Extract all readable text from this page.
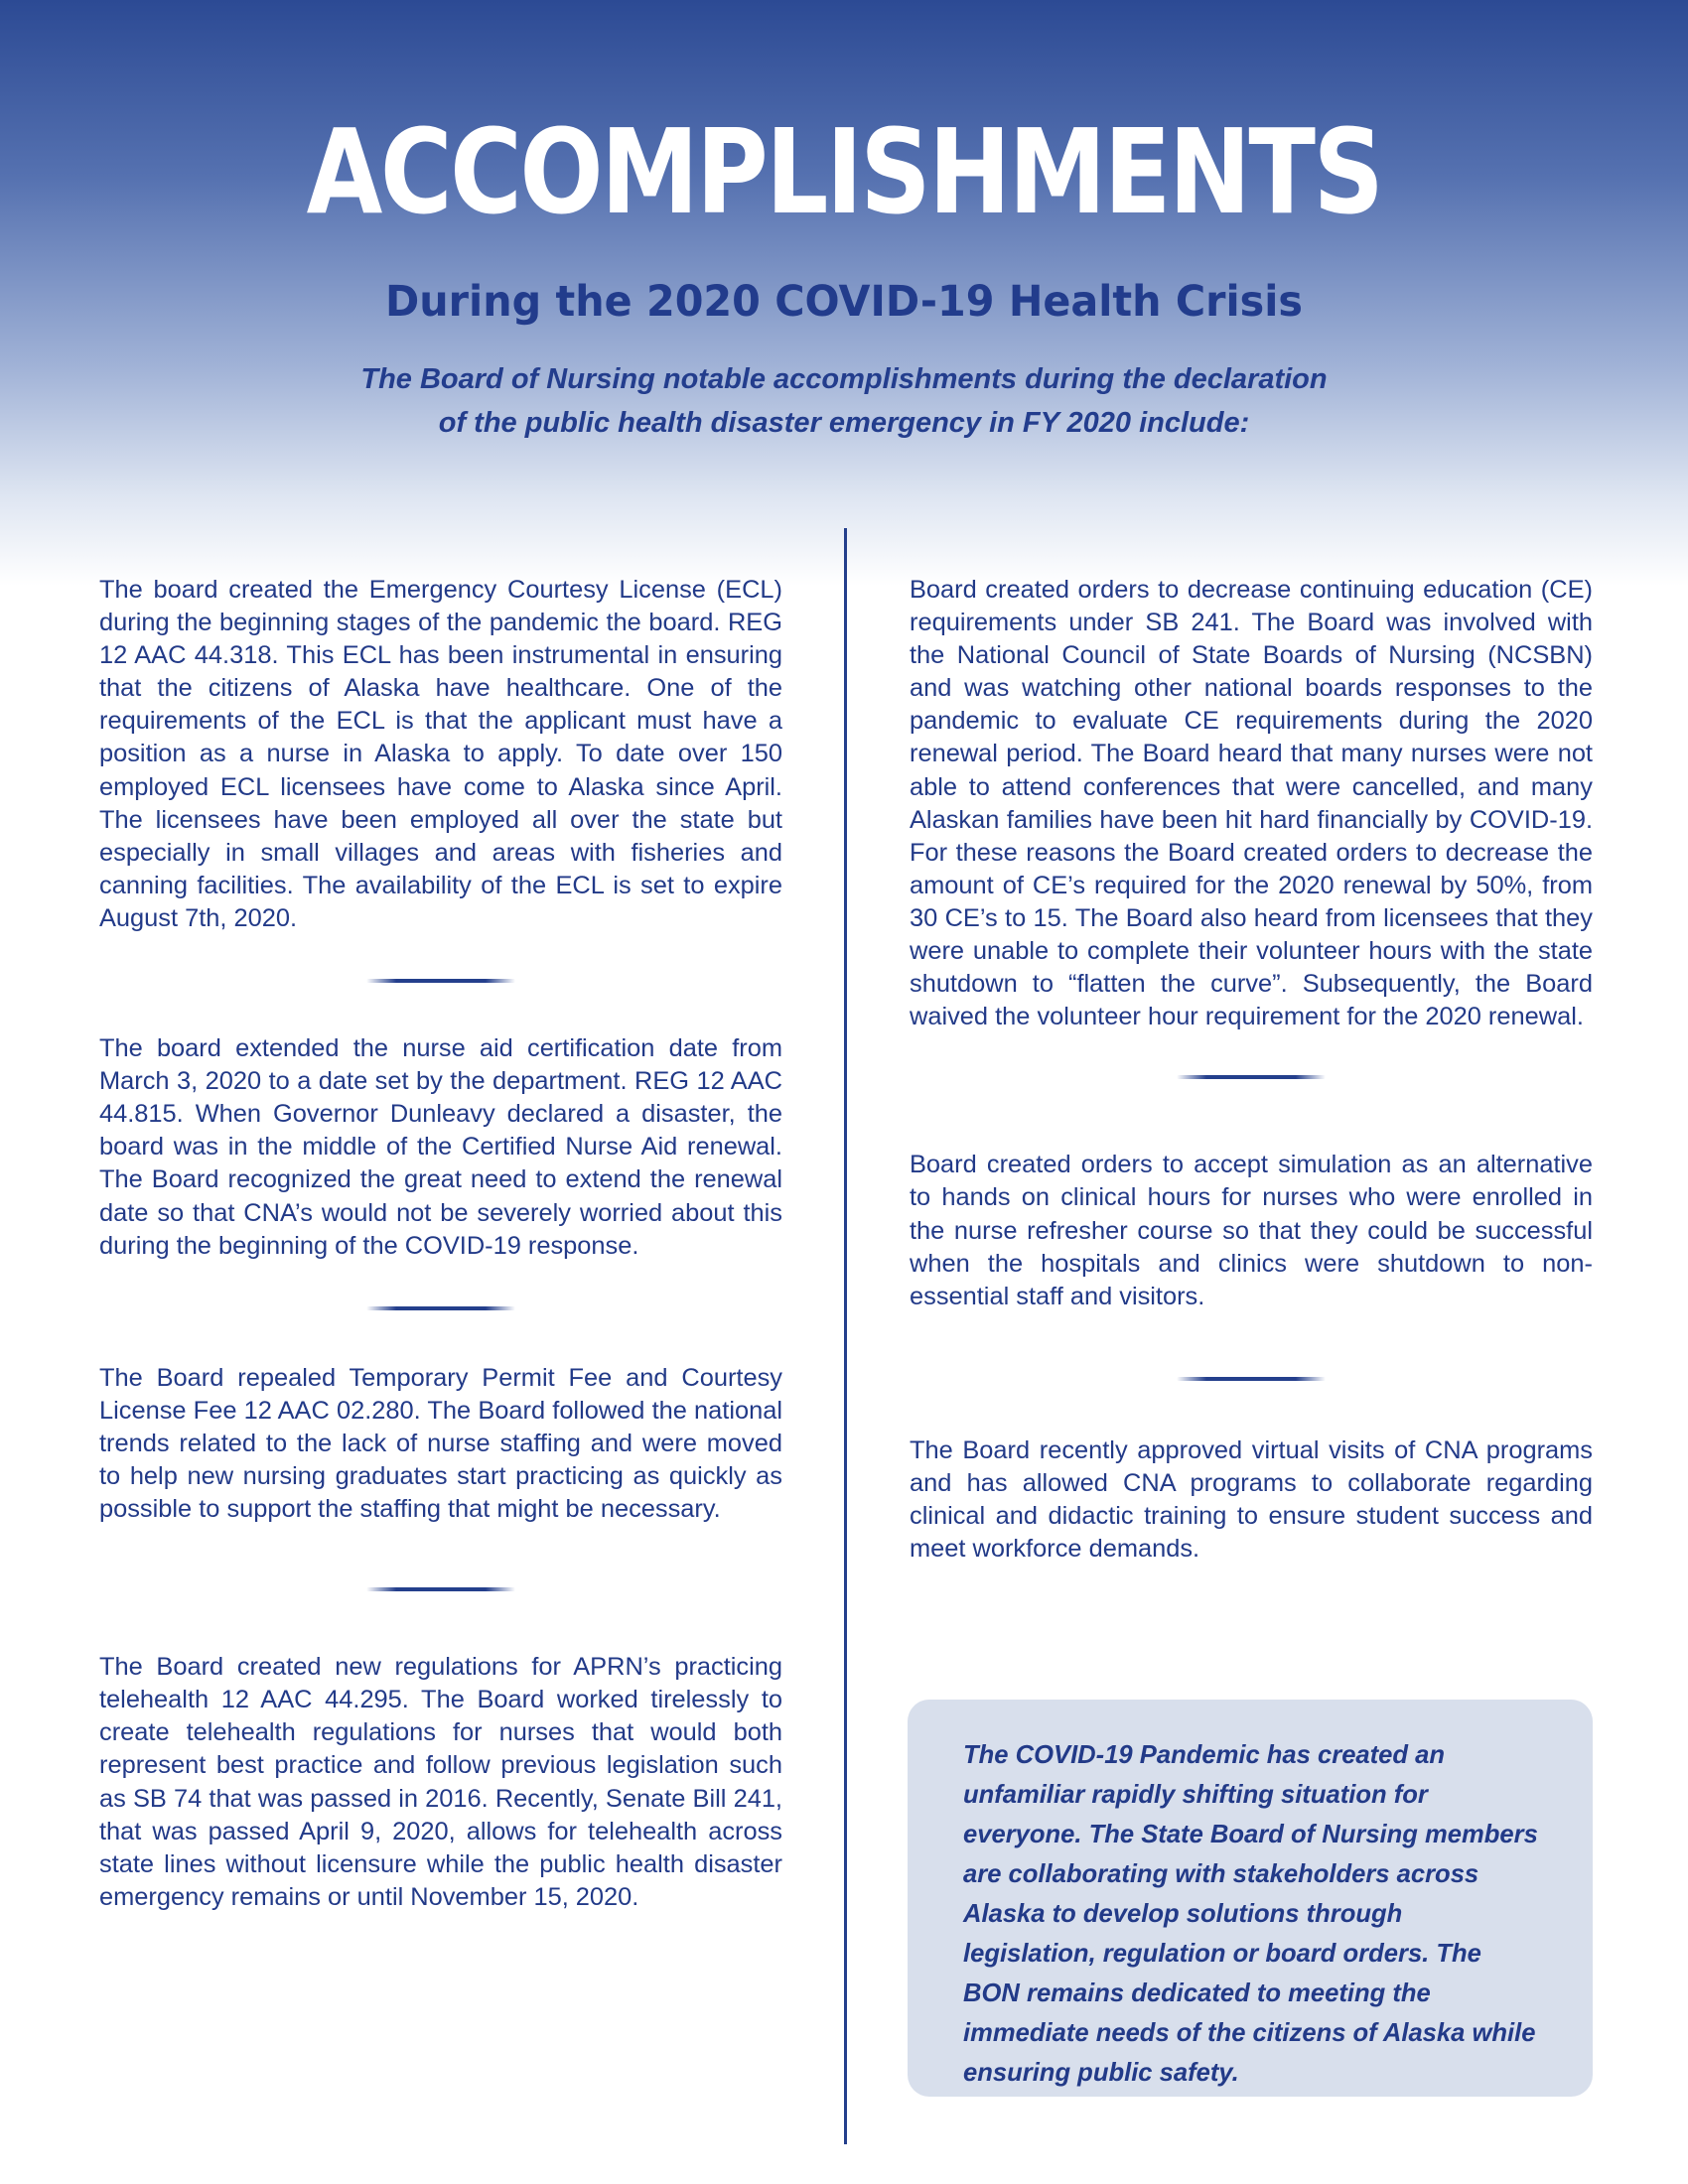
ACCOMPLISHMENTS
During the 2020 COVID-19 Health Crisis
The Board of Nursing notable accomplishments during the declaration
of the public health disaster emergency in FY 2020 include:

The board created the Emergency Courtesy License (ECL) during the beginning stages of the pandemic the board. REG 12 AAC 44.318. This ECL has been instrumental in ensuring that the citizens of Alaska have healthcare. One of the requirements of the ECL is that the applicant must have a position as a nurse in Alaska to apply. To date over 150 employed ECL licensees have come to Alaska since April. The licensees have been employed all over the state but especially in small villages and areas with fisheries and canning facilities. The availability of the ECL is set to expire August 7th, 2020.

The board extended the nurse aid certification date from March 3, 2020 to a date set by the department. REG 12 AAC 44.815. When Governor Dunleavy declared a disaster, the board was in the middle of the Certified Nurse Aid renewal. The Board recognized the great need to extend the renewal date so that CNA’s would not be severely worried about this during the beginning of the COVID-19 response.

The Board repealed Temporary Permit Fee and Courtesy License Fee 12 AAC 02.280. The Board followed the national trends related to the lack of nurse staffing and were moved to help new nursing graduates start practicing as quickly as possible to support the staffing that might be necessary.

The Board created new regulations for APRN’s practicing telehealth 12 AAC 44.295. The Board worked tirelessly to create telehealth regulations for nurses that would both represent best practice and follow previous legislation such as SB 74 that was passed in 2016. Recently, Senate Bill 241, that was passed April 9, 2020, allows for telehealth across state lines without licensure while the public health disaster emergency remains or until November 15, 2020.

Board created orders to decrease continuing education (CE) requirements under SB 241. The Board was involved with the National Council of State Boards of Nursing (NCSBN) and was watching other national boards responses to the pandemic to evaluate CE requirements during the 2020 renewal period. The Board heard that many nurses were not able to attend conferences that were cancelled, and many Alaskan families have been hit hard financially by COVID-19. For these reasons the Board created orders to decrease the amount of CE’s required for the 2020 renewal by 50%, from 30 CE’s to 15. The Board also heard from licensees that they were unable to complete their volunteer hours with the state shutdown to “flatten the curve”. Subsequently, the Board waived the volunteer hour requirement for the 2020 renewal.

Board created orders to accept simulation as an alternative to hands on clinical hours for nurses who were enrolled in the nurse refresher course so that they could be successful when the hospitals and clinics were shutdown to non- essential staff and visitors.

The Board recently approved virtual visits of CNA programs and has allowed CNA programs to collaborate regarding clinical and didactic training to ensure student success and meet workforce demands.

The COVID-19 Pandemic has created an unfamiliar rapidly shifting situation for everyone. The State Board of Nursing members are collaborating with stakeholders across Alaska to develop solutions through legislation, regulation or board orders. The BON remains dedicated to meeting the immediate needs of the citizens of Alaska while ensuring public safety.
